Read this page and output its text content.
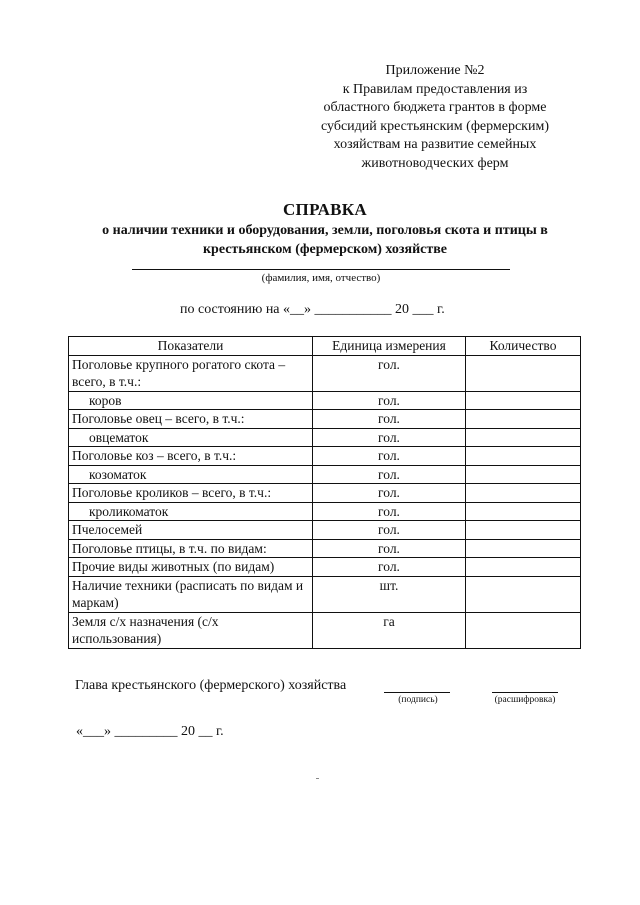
Приложение №2
к Правилам предоставления из
областного бюджета грантов в форме
субсидий крестьянским (фермерским)
хозяйствам на развитие семейных
животноводческих ферм
СПРАВКА
о наличии техники и оборудования, земли, поголовья скота и птицы в
крестьянском (фермерском) хозяйстве
(фамилия, имя, отчество)
по состоянию на «__» ___________ 20 ___ г.
Показатели	Единица измерения	Количество
Поголовье крупного рогатого скота – всего, в т.ч.:	гол.	
коров	гол.	
Поголовье овец – всего, в т.ч.:	гол.	
овцематок	гол.	
Поголовье коз – всего, в т.ч.:	гол.	
козоматок	гол.	
Поголовье кроликов – всего, в т.ч.:	гол.	
кроликоматок	гол.	
Пчелосемей	гол.	
Поголовье птицы, в т.ч. по видам:	гол.	
Прочие виды животных (по видам)	гол.	
Наличие техники (расписать по видам и маркам)	шт.	
Земля с/х назначения (с/х использования)	га	
Глава крестьянского (фермерского) хозяйства
(подпись)	(расшифровка)
«___» _________ 20 __ г.
